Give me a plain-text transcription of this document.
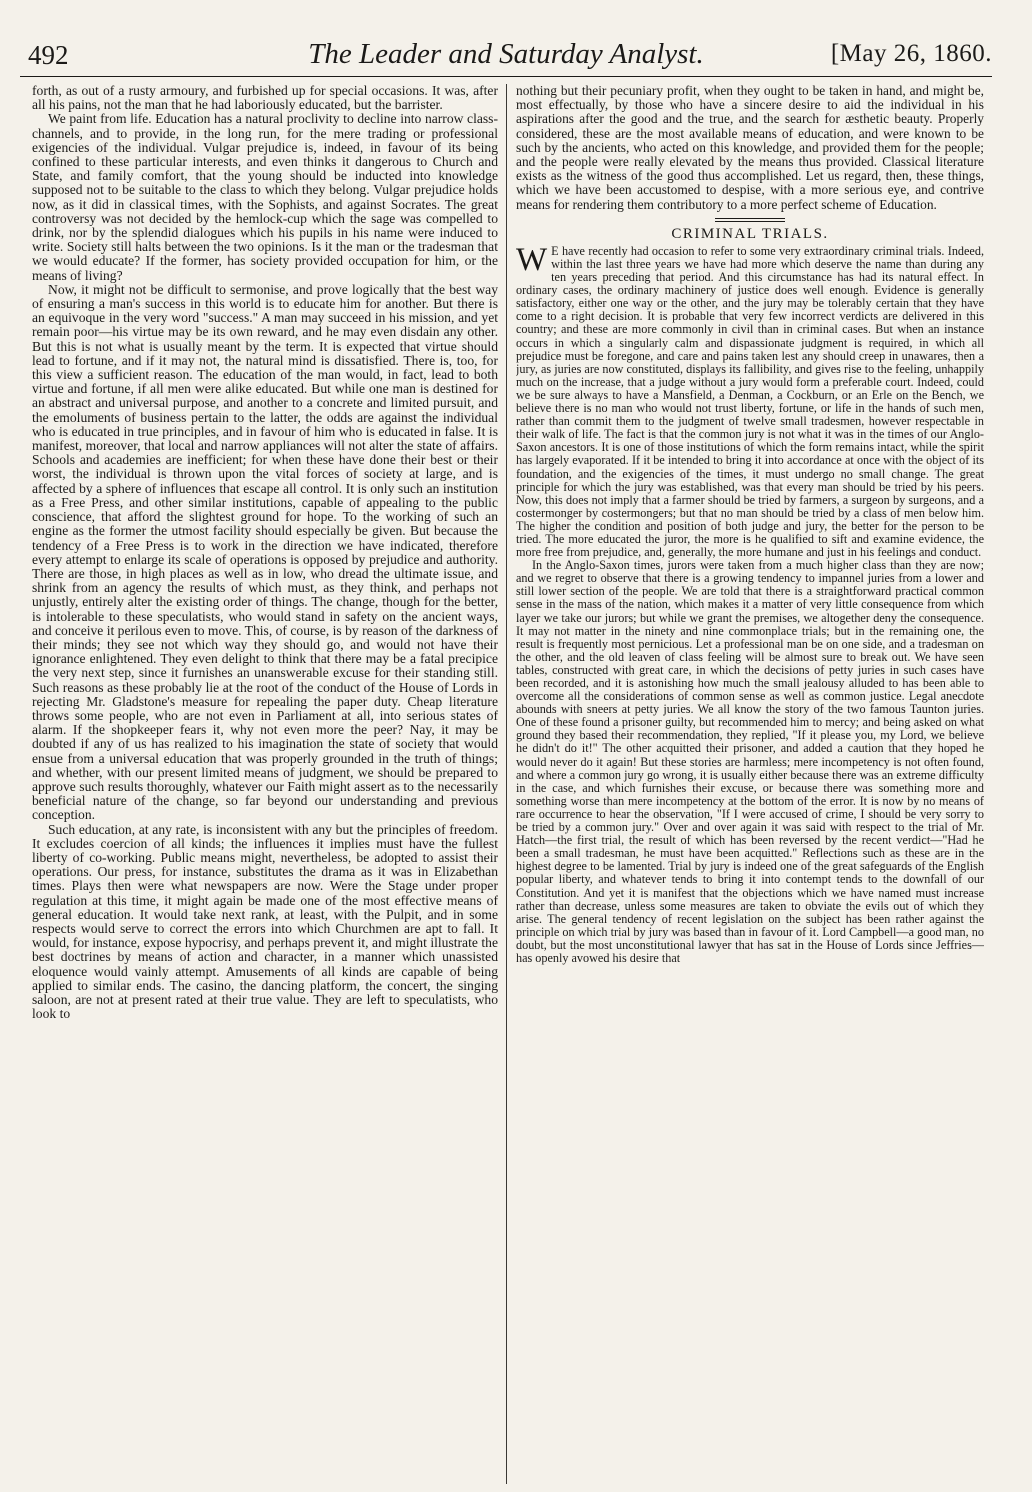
492	The Leader and Saturday Analyst.	[May 26, 1860.

forth, as out of a rusty armoury, and furbished up for special occasions. It was, after all his pains, not the man that he had laboriously educated, but the barrister.

We paint from life. Education has a natural proclivity to decline into narrow class-channels, and to provide, in the long run, for the mere trading or professional exigencies of the individual. Vulgar prejudice is, indeed, in favour of its being confined to these particular interests, and even thinks it dangerous to Church and State, and family comfort, that the young should be inducted into knowledge supposed not to be suitable to the class to which they belong. Vulgar prejudice holds now, as it did in classical times, with the Sophists, and against Socrates. The great controversy was not decided by the hemlock-cup which the sage was compelled to drink, nor by the splendid dialogues which his pupils in his name were induced to write. Society still halts between the two opinions. Is it the man or the tradesman that we would educate? If the former, has society provided occupation for him, or the means of living?

Now, it might not be difficult to sermonise, and prove logically that the best way of ensuring a man's success in this world is to educate him for another. But there is an equivoque in the very word "success." A man may succeed in his mission, and yet remain poor—his virtue may be its own reward, and he may even disdain any other. But this is not what is usually meant by the term. It is expected that virtue should lead to fortune, and if it may not, the natural mind is dissatisfied. There is, too, for this view a sufficient reason. The education of the man would, in fact, lead to both virtue and fortune, if all men were alike educated. But while one man is destined for an abstract and universal purpose, and another to a concrete and limited pursuit, and the emoluments of business pertain to the latter, the odds are against the individual who is educated in true principles, and in favour of him who is educated in false. It is manifest, moreover, that local and narrow appliances will not alter the state of affairs. Schools and academies are inefficient; for when these have done their best or their worst, the individual is thrown upon the vital forces of society at large, and is affected by a sphere of influences that escape all control. It is only such an institution as a Free Press, and other similar institutions, capable of appealing to the public conscience, that afford the slightest ground for hope. To the working of such an engine as the former the utmost facility should especially be given. But because the tendency of a Free Press is to work in the direction we have indicated, therefore every attempt to enlarge its scale of operations is opposed by prejudice and authority. There are those, in high places as well as in low, who dread the ultimate issue, and shrink from an agency the results of which must, as they think, and perhaps not unjustly, entirely alter the existing order of things. The change, though for the better, is intolerable to these speculatists, who would stand in safety on the ancient ways, and conceive it perilous even to move. This, of course, is by reason of the darkness of their minds; they see not which way they should go, and would not have their ignorance enlightened. They even delight to think that there may be a fatal precipice the very next step, since it furnishes an unanswerable excuse for their standing still. Such reasons as these probably lie at the root of the conduct of the House of Lords in rejecting Mr. Gladstone's measure for repealing the paper duty. Cheap literature throws some people, who are not even in Parliament at all, into serious states of alarm. If the shopkeeper fears it, why not even more the peer? Nay, it may be doubted if any of us has realized to his imagination the state of society that would ensue from a universal education that was properly grounded in the truth of things; and whether, with our present limited means of judgment, we should be prepared to approve such results thoroughly, whatever our Faith might assert as to the necessarily beneficial nature of the change, so far beyond our understanding and previous conception.

Such education, at any rate, is inconsistent with any but the principles of freedom. It excludes coercion of all kinds; the influences it implies must have the fullest liberty of co-working. Public means might, nevertheless, be adopted to assist their operations. Our press, for instance, substitutes the drama as it was in Elizabethan times. Plays then were what newspapers are now. Were the Stage under proper regulation at this time, it might again be made one of the most effective means of general education. It would take next rank, at least, with the Pulpit, and in some respects would serve to correct the errors into which Churchmen are apt to fall. It would, for instance, expose hypocrisy, and perhaps prevent it, and might illustrate the best doctrines by means of action and character, in a manner which unassisted eloquence would vainly attempt. Amusements of all kinds are capable of being applied to similar ends. The casino, the dancing platform, the concert, the singing saloon, are not at present rated at their true value. They are left to speculatists, who look to

nothing but their pecuniary profit, when they ought to be taken in hand, and might be, most effectually, by those who have a sincere desire to aid the individual in his aspirations after the good and the true, and the search for æsthetic beauty. Properly considered, these are the most available means of education, and were known to be such by the ancients, who acted on this knowledge, and provided them for the people; and the people were really elevated by the means thus provided. Classical literature exists as the witness of the good thus accomplished. Let us regard, then, these things, which we have been accustomed to despise, with a more serious eye, and contrive means for rendering them contributory to a more perfect scheme of Education.

CRIMINAL TRIALS.

W E have recently had occasion to refer to some very extraordinary criminal trials. Indeed, within the last three years we have had more which deserve the name than during any ten years preceding that period. And this circumstance has had its natural effect. In ordinary cases, the ordinary machinery of justice does well enough. Evidence is generally satisfactory, either one way or the other, and the jury may be tolerably certain that they have come to a right decision. It is probable that very few incorrect verdicts are delivered in this country; and these are more commonly in civil than in criminal cases. But when an instance occurs in which a singularly calm and dispassionate judgment is required, in which all prejudice must be foregone, and care and pains taken lest any should creep in unawares, then a jury, as juries are now constituted, displays its fallibility, and gives rise to the feeling, unhappily much on the increase, that a judge without a jury would form a preferable court. Indeed, could we be sure always to have a Mansfield, a Denman, a Cockburn, or an Erle on the Bench, we believe there is no man who would not trust liberty, fortune, or life in the hands of such men, rather than commit them to the judgment of twelve small tradesmen, however respectable in their walk of life. The fact is that the common jury is not what it was in the times of our Anglo-Saxon ancestors. It is one of those institutions of which the form remains intact, while the spirit has largely evaporated. If it be intended to bring it into accordance at once with the object of its foundation, and the exigencies of the times, it must undergo no small change. The great principle for which the jury was established, was that every man should be tried by his peers. Now, this does not imply that a farmer should be tried by farmers, a surgeon by surgeons, and a costermonger by costermongers; but that no man should be tried by a class of men below him. The higher the condition and position of both judge and jury, the better for the person to be tried. The more educated the juror, the more is he qualified to sift and examine evidence, the more free from prejudice, and, generally, the more humane and just in his feelings and conduct.

In the Anglo-Saxon times, jurors were taken from a much higher class than they are now; and we regret to observe that there is a growing tendency to impannel juries from a lower and still lower section of the people. We are told that there is a straightforward practical common sense in the mass of the nation, which makes it a matter of very little consequence from which layer we take our jurors; but while we grant the premises, we altogether deny the consequence. It may not matter in the ninety and nine commonplace trials; but in the remaining one, the result is frequently most pernicious. Let a professional man be on one side, and a tradesman on the other, and the old leaven of class feeling will be almost sure to break out. We have seen tables, constructed with great care, in which the decisions of petty juries in such cases have been recorded, and it is astonishing how much the small jealousy alluded to has been able to overcome all the considerations of common sense as well as common justice. Legal anecdote abounds with sneers at petty juries. We all know the story of the two famous Taunton juries. One of these found a prisoner guilty, but recommended him to mercy; and being asked on what ground they based their recommendation, they replied, "If it please you, my Lord, we believe he didn't do it!" The other acquitted their prisoner, and added a caution that they hoped he would never do it again! But these stories are harmless; mere incompetency is not often found, and where a common jury go wrong, it is usually either because there was an extreme difficulty in the case, and which furnishes their excuse, or because there was something more and something worse than mere incompetency at the bottom of the error. It is now by no means of rare occurrence to hear the observation, "If I were accused of crime, I should be very sorry to be tried by a common jury." Over and over again it was said with respect to the trial of Mr. Hatch—the first trial, the result of which has been reversed by the recent verdict—"Had he been a small tradesman, he must have been acquitted." Reflections such as these are in the highest degree to be lamented. Trial by jury is indeed one of the great safeguards of the English popular liberty, and whatever tends to bring it into contempt tends to the downfall of our Constitution. And yet it is manifest that the objections which we have named must increase rather than decrease, unless some measures are taken to obviate the evils out of which they arise. The general tendency of recent legislation on the subject has been rather against the principle on which trial by jury was based than in favour of it. Lord Campbell—a good man, no doubt, but the most unconstitutional lawyer that has sat in the House of Lords since Jeffries—has openly avowed his desire that
